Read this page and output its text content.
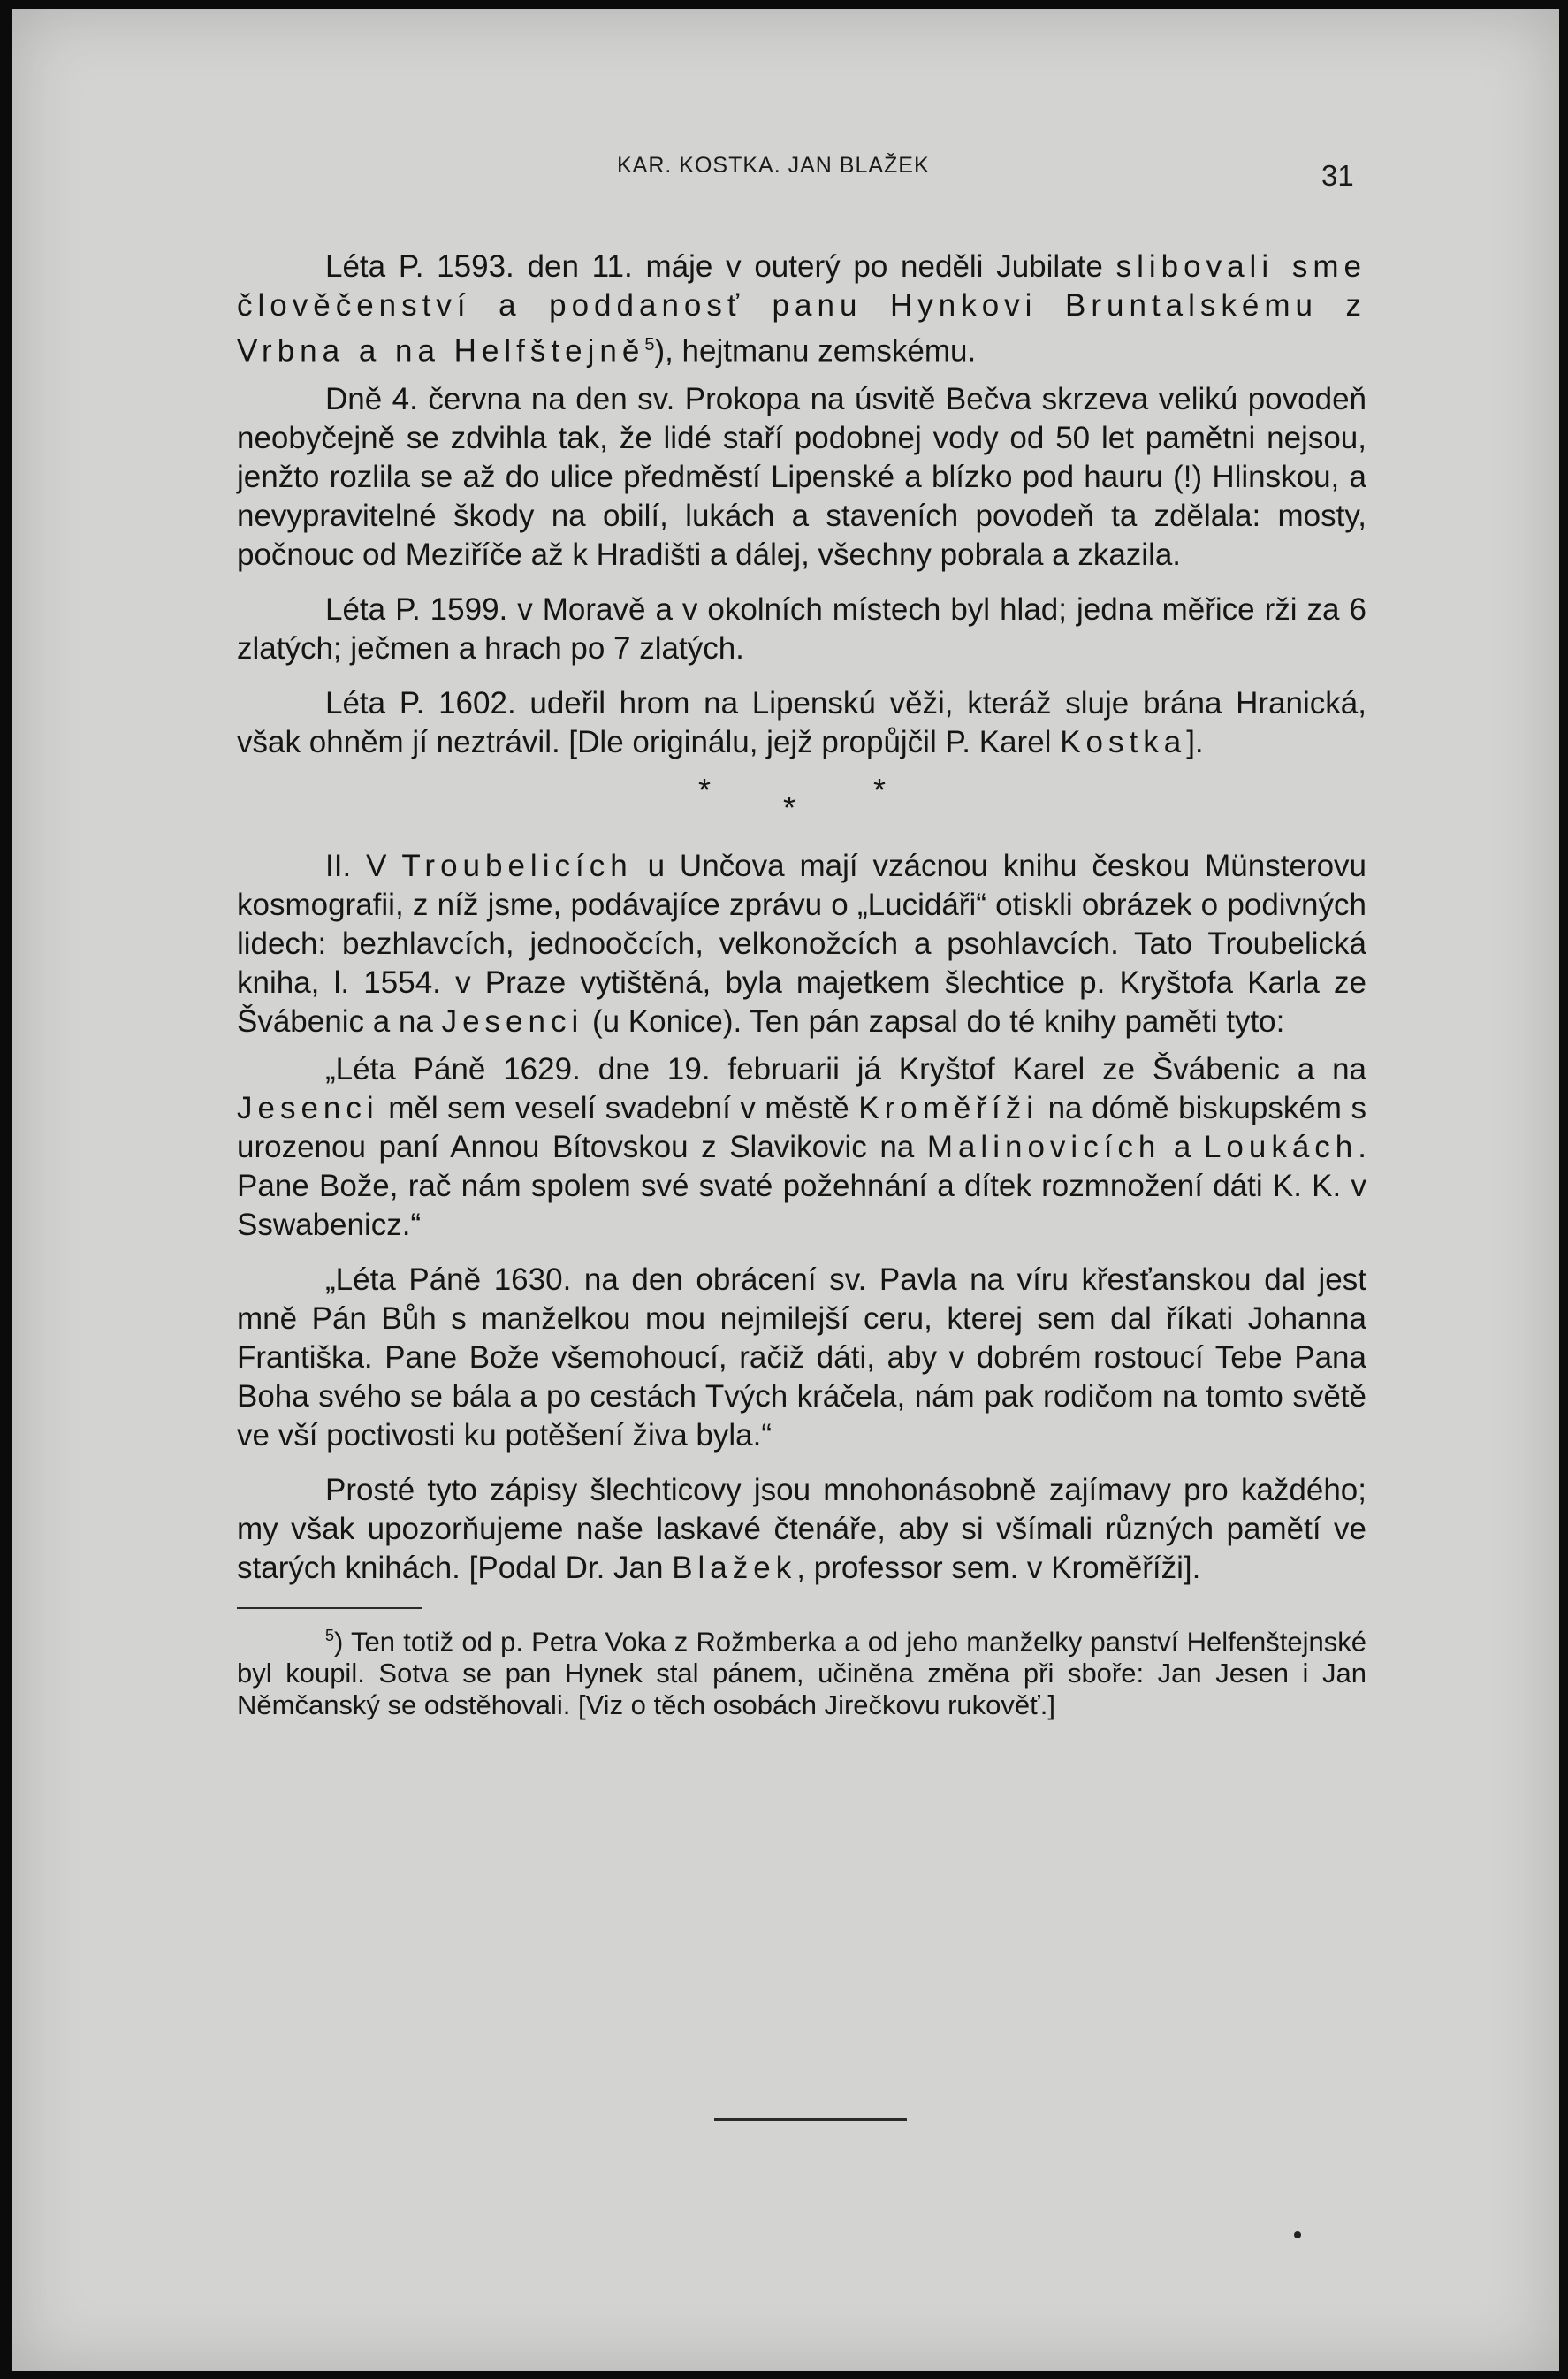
KAR. KOSTKA. JAN BLAŽEK	31

Léta P. 1593. den 11. máje v outerý po neděli Jubilate slibovali sme člověčenství a poddanosť panu Hynkovi Bruntalskému z Vrbna a na Helfštejně$^5$), hejtmanu zemskému.

Dně 4. června na den sv. Prokopa na úsvitě Bečva skrzeva velikú povodeň neobyčejně se zdvihla tak, že lidé staří podobnej vody od 50 let pamětni nejsou, jenžto rozlila se až do ulice předměstí Lipenské a blízko pod hauru (!) Hlinskou, a nevypravitelné škody na obilí, lukách a staveních povodeň ta zdělala: mosty, počnouc od Meziříče až k Hradišti a dálej, všechny pobrala a zkazila.

Léta P. 1599. v Moravě a v okolních místech byl hlad; jedna měřice rži za 6 zlatých; ječmen a hrach po 7 zlatých.

Léta P. 1602. udeřil hrom na Lipenskú věži, kteráž sluje brána Hranická, však ohněm jí neztrávil. [Dle originálu, jejž propůjčil P. Karel Kostka].

* * *

II. V Troubelicích u Unčova mají vzácnou knihu českou Münsterovu kosmografii, z níž jsme, podávajíce zprávu o „Lucidáři“ otiskli obrázek o podivných lidech: bezhlavcích, jednoočcích, velkonožcích a psohlavcích. Tato Troubelická kniha, l. 1554. v Praze vytištěná, byla majetkem šlechtice p. Kryštofa Karla ze Švábenic a na Jesenci (u Konice). Ten pán zapsal do té knihy paměti tyto:

„Léta Páně 1629. dne 19. februarii já Kryštof Karel ze Švábenic a na Jesenci měl sem veselí svadební v městě Kroměříži na dómě biskupském s urozenou paní Annou Bítovskou z Slavikovic na Malinovicích a Loukách. Pane Bože, rač nám spolem své svaté požehnání a dítek rozmnožení dáti K. K. v Sswabenicz.“

„Léta Páně 1630. na den obrácení sv. Pavla na víru křesťanskou dal jest mně Pán Bůh s manželkou mou nejmilejší ceru, kterej sem dal říkati Johanna Františka. Pane Bože všemohoucí, račiž dáti, aby v dobrém rostoucí Tebe Pana Boha svého se bála a po cestách Tvých kráčela, nám pak rodičom na tomto světě ve vší poctivosti ku potěšení živa byla.“

Prosté tyto zápisy šlechticovy jsou mnohonásobně zajímavy pro každého; my však upozorňujeme naše laskavé čtenáře, aby si všímali různých pamětí ve starých knihách. [Podal Dr. Jan Blažek, professor sem. v Kroměříži].

$^5$) Ten totiž od p. Petra Voka z Rožmberka a od jeho manželky panství Helfenštejnské byl koupil. Sotva se pan Hynek stal pánem, učiněna změna při sboře: Jan Jesen i Jan Němčanský se odstěhovali. [Viz o těch osobách Jirečkovu rukověť.]
